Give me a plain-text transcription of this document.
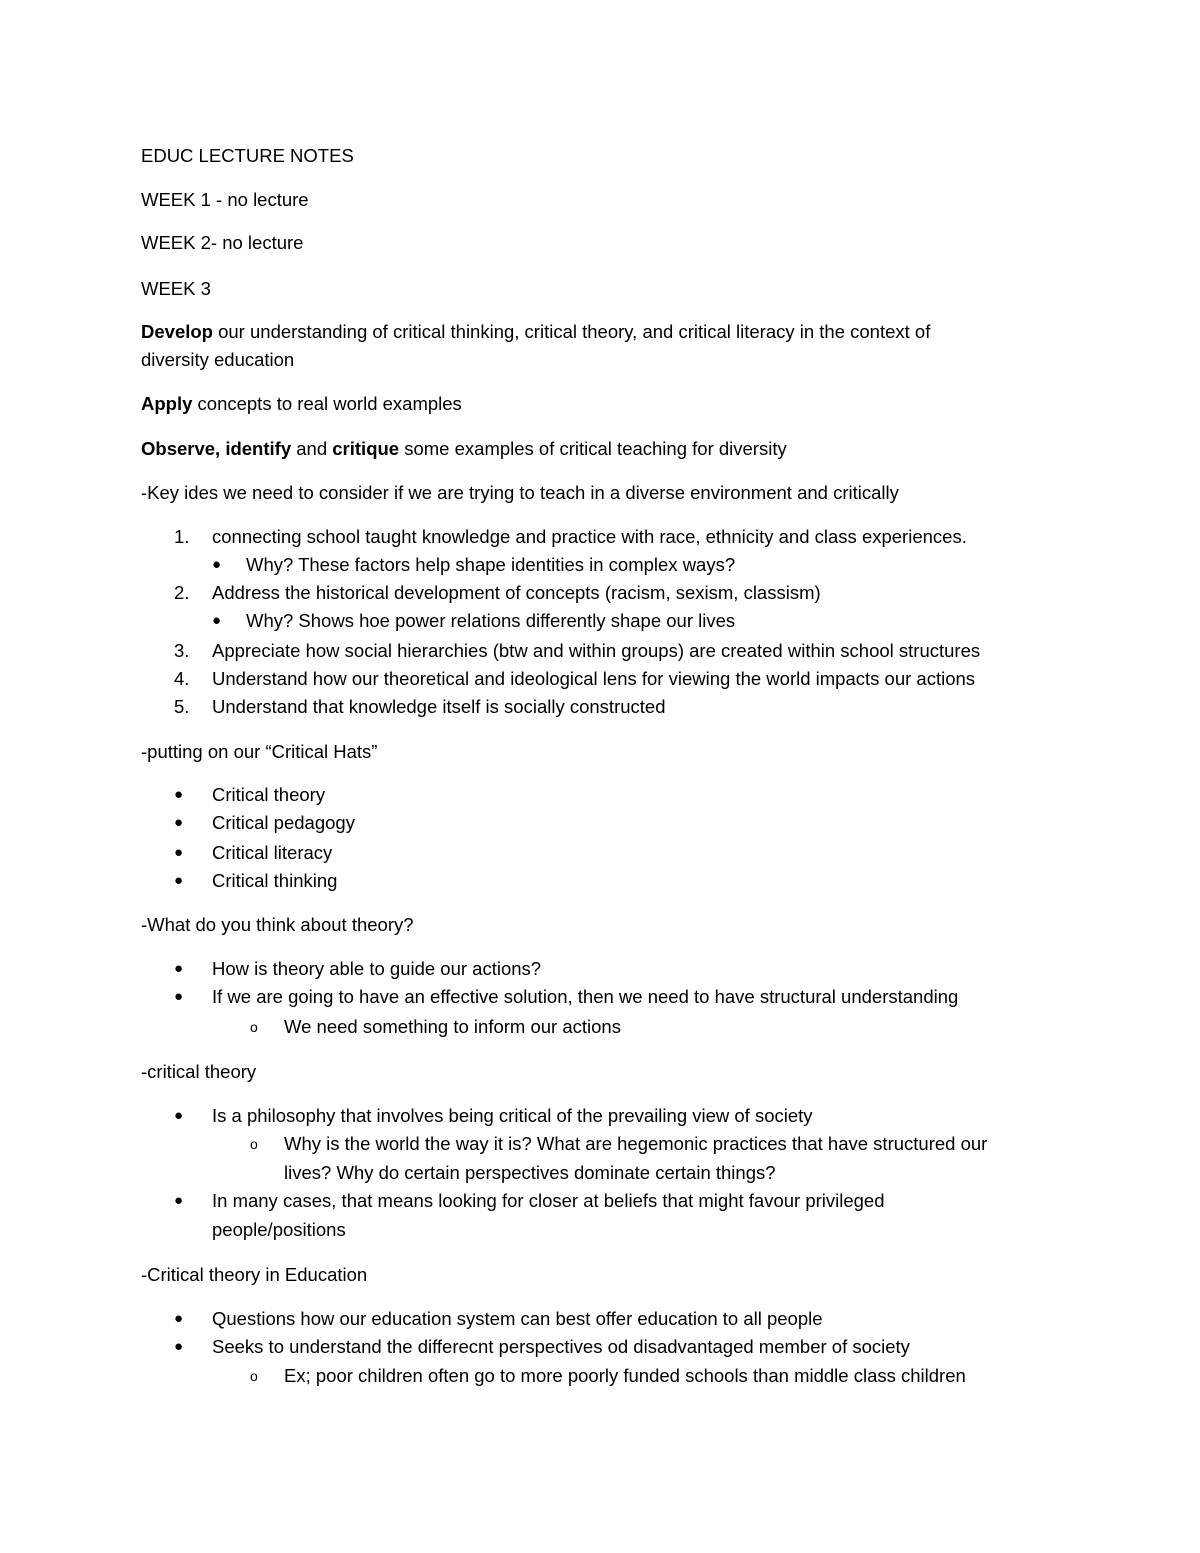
EDUC LECTURE NOTES
WEEK 1 - no lecture
WEEK 2- no lecture
WEEK 3
Develop our understanding of critical thinking, critical theory, and critical literacy in the context of
diversity education
Apply concepts to real world examples
Observe, identify and critique some examples of critical teaching for diversity
-Key ides we need to consider if we are trying to teach in a diverse environment and critically
1. connecting school taught knowledge and practice with race, ethnicity and class experiences.
● Why? These factors help shape identities in complex ways?
2. Address the historical development of concepts (racism, sexism, classism)
● Why? Shows hoe power relations differently shape our lives
3. Appreciate how social hierarchies (btw and within groups) are created within school structures
4. Understand how our theoretical and ideological lens for viewing the world impacts our actions
5. Understand that knowledge itself is socially constructed
-putting on our “Critical Hats”
● Critical theory
● Critical pedagogy
● Critical literacy
● Critical thinking
-What do you think about theory?
● How is theory able to guide our actions?
● If we are going to have an effective solution, then we need to have structural understanding
o We need something to inform our actions
-critical theory
● Is a philosophy that involves being critical of the prevailing view of society
o Why is the world the way it is? What are hegemonic practices that have structured our
lives? Why do certain perspectives dominate certain things?
● In many cases, that means looking for closer at beliefs that might favour privileged
people/positions
-Critical theory in Education
● Questions how our education system can best offer education to all people
● Seeks to understand the differecnt perspectives od disadvantaged member of society
o Ex; poor children often go to more poorly funded schools than middle class children
